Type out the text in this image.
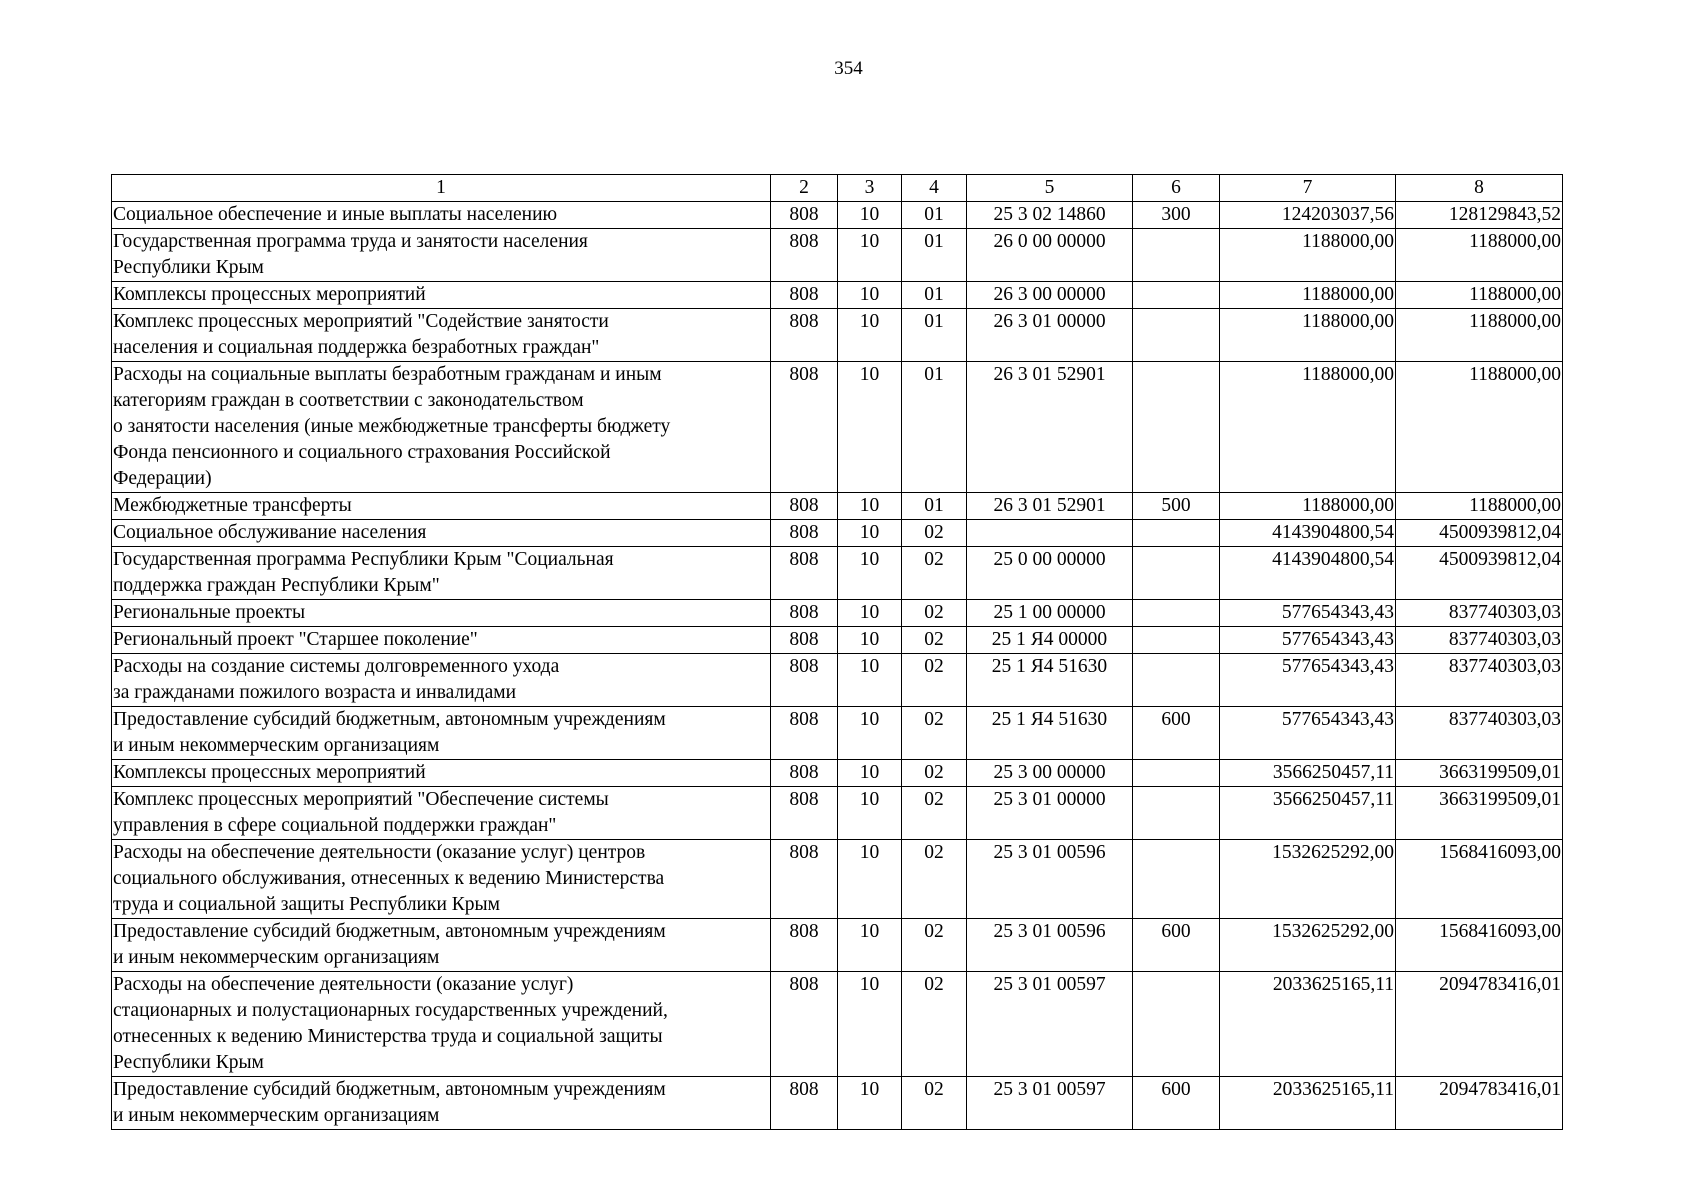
354
1	2	3	4	5	6	7	8
Социальное обеспечение и иные выплаты населению	808	10	01	25 3 02 14860	300	124203037,56	128129843,52
Государственная программа труда и занятости населения
Республики Крым	808	10	01	26 0 00 00000		1188000,00	1188000,00
Комплексы процессных мероприятий	808	10	01	26 3 00 00000		1188000,00	1188000,00
Комплекс процессных мероприятий "Содействие занятости
населения и социальная поддержка безработных граждан"	808	10	01	26 3 01 00000		1188000,00	1188000,00
Расходы на социальные выплаты безработным гражданам и иным
категориям граждан в соответствии с законодательством
о занятости населения (иные межбюджетные трансферты бюджету
Фонда пенсионного и социального страхования Российской
Федерации)	808	10	01	26 3 01 52901		1188000,00	1188000,00
Межбюджетные трансферты	808	10	01	26 3 01 52901	500	1188000,00	1188000,00
Социальное обслуживание населения	808	10	02			4143904800,54	4500939812,04
Государственная программа Республики Крым "Социальная
поддержка граждан Республики Крым"	808	10	02	25 0 00 00000		4143904800,54	4500939812,04
Региональные проекты	808	10	02	25 1 00 00000		577654343,43	837740303,03
Региональный проект "Старшее поколение"	808	10	02	25 1 Я4 00000		577654343,43	837740303,03
Расходы на создание системы долговременного ухода
за гражданами пожилого возраста и инвалидами	808	10	02	25 1 Я4 51630		577654343,43	837740303,03
Предоставление субсидий бюджетным, автономным учреждениям
и иным некоммерческим организациям	808	10	02	25 1 Я4 51630	600	577654343,43	837740303,03
Комплексы процессных мероприятий	808	10	02	25 3 00 00000		3566250457,11	3663199509,01
Комплекс процессных мероприятий "Обеспечение системы
управления в сфере социальной поддержки граждан"	808	10	02	25 3 01 00000		3566250457,11	3663199509,01
Расходы на обеспечение деятельности (оказание услуг) центров
социального обслуживания, отнесенных к ведению Министерства
труда и социальной защиты Республики Крым	808	10	02	25 3 01 00596		1532625292,00	1568416093,00
Предоставление субсидий бюджетным, автономным учреждениям
и иным некоммерческим организациям	808	10	02	25 3 01 00596	600	1532625292,00	1568416093,00
Расходы на обеспечение деятельности (оказание услуг)
стационарных и полустационарных государственных учреждений,
отнесенных к ведению Министерства труда и социальной защиты
Республики Крым	808	10	02	25 3 01 00597		2033625165,11	2094783416,01
Предоставление субсидий бюджетным, автономным учреждениям
и иным некоммерческим организациям	808	10	02	25 3 01 00597	600	2033625165,11	2094783416,01
